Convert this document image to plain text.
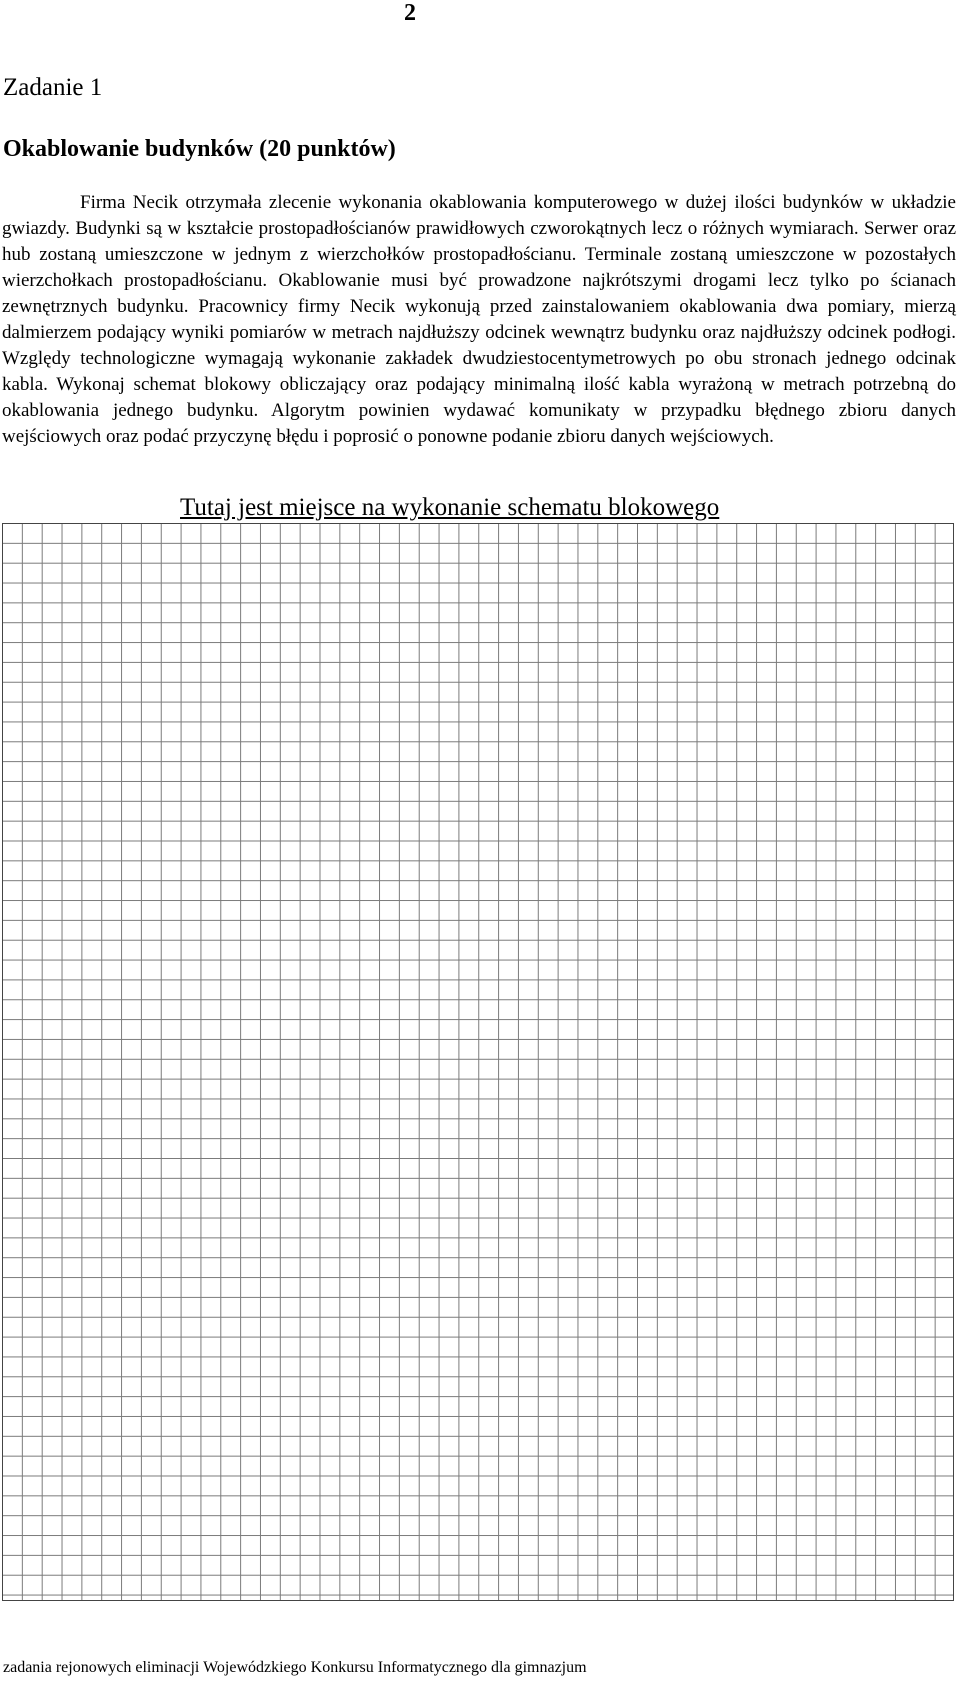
2
Zadanie 1
Okablowanie budynków (20 punktów)

Firma Necik otrzymała zlecenie wykonania okablowania komputerowego w dużej ilości budynków w układzie gwiazdy. Budynki są w kształcie prostopadłościanów prawidłowych czworokątnych lecz o różnych wymiarach. Serwer oraz hub zostaną umieszczone w jednym z wierzchołków prostopadłościanu. Terminale zostaną umieszczone w pozostałych wierzchołkach prostopadłościanu. Okablowanie musi być prowadzone najkrótszymi drogami lecz tylko po ścianach zewnętrznych budynku. Pracownicy firmy Necik wykonują przed zainstalowaniem okablowania dwa pomiary, mierzą dalmierzem podający wyniki pomiarów w metrach najdłuższy odcinek wewnątrz budynku oraz najdłuższy odcinek podłogi. Względy technologiczne wymagają wykonanie zakładek dwudziestocentymetrowych po obu stronach jednego odcinak kabla. Wykonaj schemat blokowy obliczający oraz podający minimalną ilość kabla wyrażoną w metrach potrzebną do okablowania jednego budynku. Algorytm powinien wydawać komunikaty w przypadku błędnego zbioru danych wejściowych oraz podać przyczynę błędu i poprosić o ponowne podanie zbioru danych wejściowych.

Tutaj jest miejsce na wykonanie schematu blokowego

zadania rejonowych eliminacji Wojewódzkiego Konkursu Informatycznego dla gimnazjum
